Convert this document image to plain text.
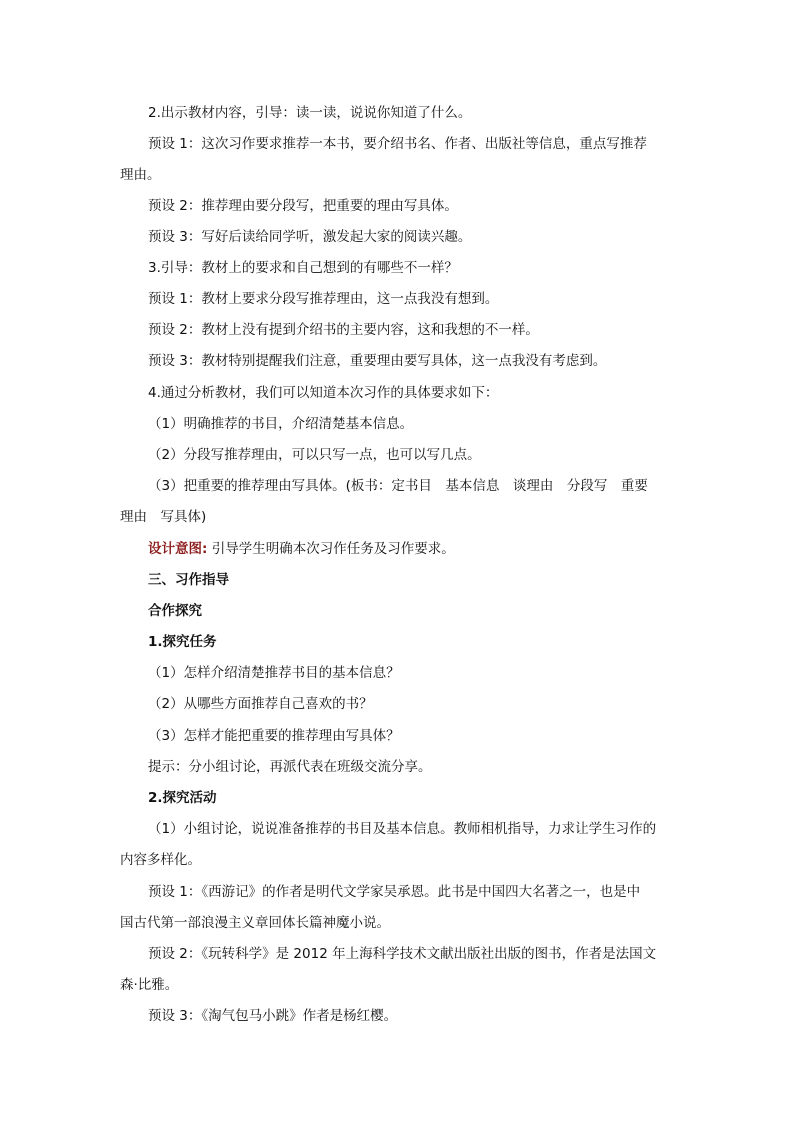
2.出示教材内容，引导：读一读，说说你知道了什么。
预设 1：这次习作要求推荐一本书，要介绍书名、作者、出版社等信息，重点写推荐
理由。
预设 2：推荐理由要分段写，把重要的理由写具体。
预设 3：写好后读给同学听，激发起大家的阅读兴趣。
3.引导：教材上的要求和自己想到的有哪些不一样？
预设 1：教材上要求分段写推荐理由，这一点我没有想到。
预设 2：教材上没有提到介绍书的主要内容，这和我想的不一样。
预设 3：教材特别提醒我们注意，重要理由要写具体，这一点我没有考虑到。
4.通过分析教材，我们可以知道本次习作的具体要求如下：
（1）明确推荐的书目，介绍清楚基本信息。
（2）分段写推荐理由，可以只写一点，也可以写几点。
（3）把重要的推荐理由写具体。(板书：定书目　基本信息　谈理由　分段写　重要
理由　写具体)
设计意图: 引导学生明确本次习作任务及习作要求。
三、习作指导
合作探究
1.探究任务
（1）怎样介绍清楚推荐书目的基本信息？
（2）从哪些方面推荐自己喜欢的书？
（3）怎样才能把重要的推荐理由写具体？
提示：分小组讨论，再派代表在班级交流分享。
2.探究活动
（1）小组讨论，说说准备推荐的书目及基本信息。教师相机指导，力求让学生习作的
内容多样化。
预设 1：《西游记》的作者是明代文学家吴承恩。此书是中国四大名著之一，也是中
国古代第一部浪漫主义章回体长篇神魔小说。
预设 2：《玩转科学》是 2012 年上海科学技术文献出版社出版的图书，作者是法国文
森·比雅。
预设 3：《淘气包马小跳》作者是杨红樱。
